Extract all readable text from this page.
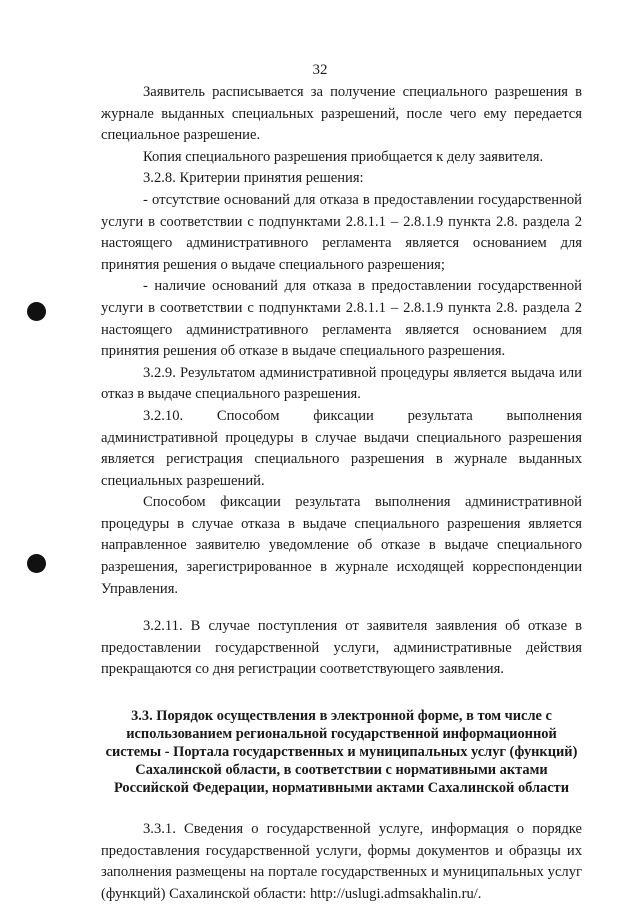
32

Заявитель расписывается за получение специального разрешения в журнале выданных специальных разрешений, после чего ему передается специальное разрешение.

Копия специального разрешения приобщается к делу заявителя.

3.2.8. Критерии принятия решения:

- отсутствие оснований для отказа в предоставлении государственной услуги в соответствии с подпунктами 2.8.1.1 – 2.8.1.9 пункта 2.8. раздела 2 настоящего административного регламента является основанием для принятия решения о выдаче специального разрешения;

- наличие оснований для отказа в предоставлении государственной услуги в соответствии с подпунктами 2.8.1.1 – 2.8.1.9 пункта 2.8. раздела 2 настоящего административного регламента является основанием для принятия решения об отказе в выдаче специального разрешения.

3.2.9. Результатом административной процедуры является выдача или отказ в выдаче специального разрешения.

3.2.10. Способом фиксации результата выполнения административной процедуры в случае выдачи специального разрешения является регистрация специального разрешения в журнале выданных специальных разрешений.

Способом фиксации результата выполнения административной процедуры в случае отказа в выдаче специального разрешения является направленное заявителю уведомление об отказе в выдаче специального разрешения, зарегистрированное в журнале исходящей корреспонденции Управления.

3.2.11. В случае поступления от заявителя заявления об отказе в предоставлении государственной услуги, административные действия прекращаются со дня регистрации соответствующего заявления.

3.3. Порядок осуществления в электронной форме, в том числе с использованием региональной государственной информационной системы - Портала государственных и муниципальных услуг (функций) Сахалинской области, в соответствии с нормативными актами Российской Федерации, нормативными актами Сахалинской области

3.3.1. Сведения о государственной услуге, информация о порядке предоставления государственной услуги, формы документов и образцы их заполнения размещены на портале государственных и муниципальных услуг (функций) Сахалинской области: http://uslugi.admsakhalin.ru/.
